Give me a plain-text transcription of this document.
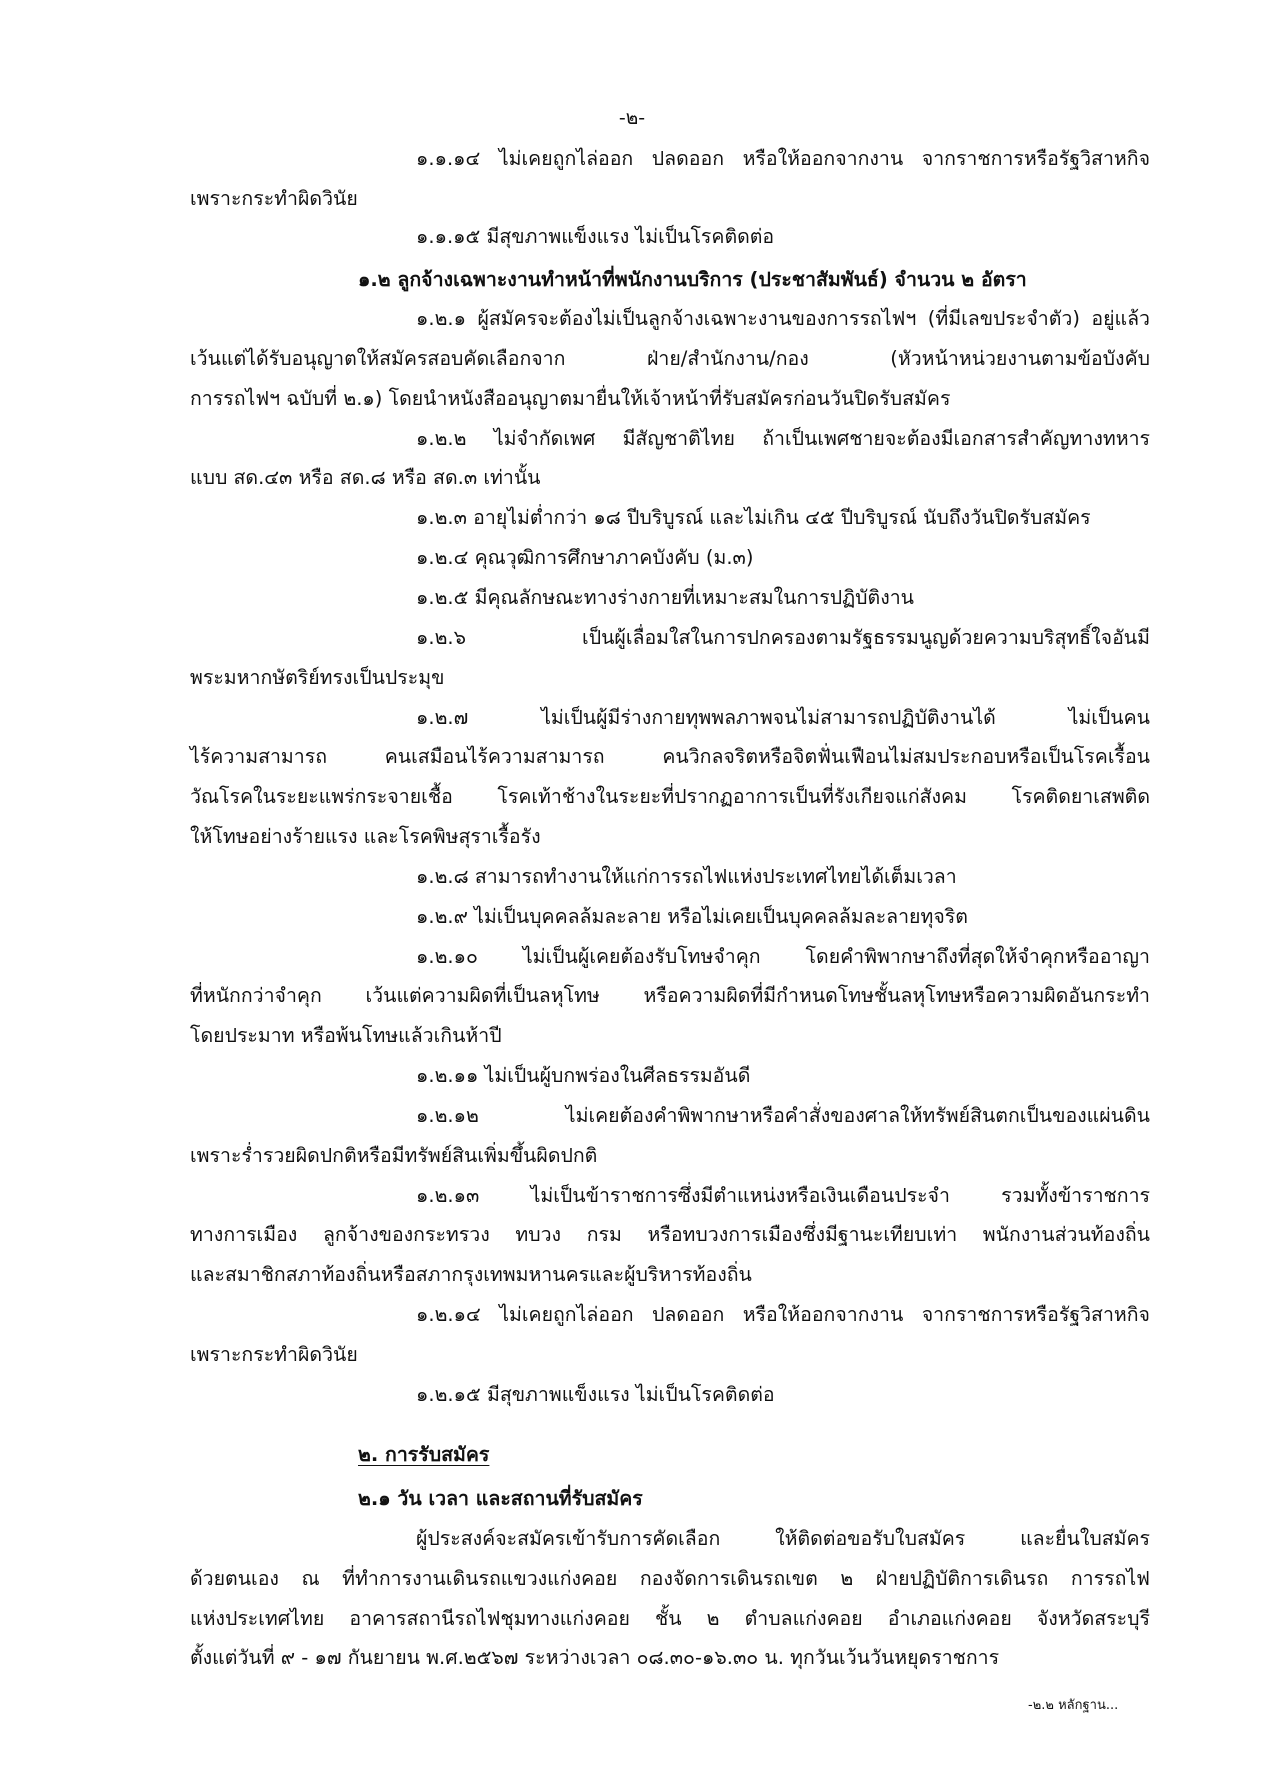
-๒-
๑.๑.๑๔ ไม่เคยถูกไล่ออก ปลดออก หรือให้ออกจากงาน จากราชการหรือรัฐวิสาหกิจ
เพราะกระทำผิดวินัย
๑.๑.๑๕ มีสุขภาพแข็งแรง ไม่เป็นโรคติดต่อ
๑.๒ ลูกจ้างเฉพาะงานทำหน้าที่พนักงานบริการ (ประชาสัมพันธ์) จำนวน ๒ อัตรา
๑.๒.๑ ผู้สมัครจะต้องไม่เป็นลูกจ้างเฉพาะงานของการรถไฟฯ (ที่มีเลขประจำตัว) อยู่แล้ว
เว้นแต่ได้รับอนุญาตให้สมัครสอบคัดเลือกจาก ฝ่าย/สำนักงาน/กอง (หัวหน้าหน่วยงานตามข้อบังคับ
การรถไฟฯ ฉบับที่ ๒.๑) โดยนำหนังสืออนุญาตมายื่นให้เจ้าหน้าที่รับสมัครก่อนวันปิดรับสมัคร
๑.๒.๒ ไม่จำกัดเพศ มีสัญชาติไทย ถ้าเป็นเพศชายจะต้องมีเอกสารสำคัญทางทหาร
แบบ สด.๔๓ หรือ สด.๘ หรือ สด.๓ เท่านั้น
๑.๒.๓ อายุไม่ต่ำกว่า ๑๘ ปีบริบูรณ์ และไม่เกิน ๔๕ ปีบริบูรณ์ นับถึงวันปิดรับสมัคร
๑.๒.๔ คุณวุฒิการศึกษาภาคบังคับ (ม.๓)
๑.๒.๕ มีคุณลักษณะทางร่างกายที่เหมาะสมในการปฏิบัติงาน
๑.๒.๖ เป็นผู้เลื่อมใสในการปกครองตามรัฐธรรมนูญด้วยความบริสุทธิ์ใจอันมี
พระมหากษัตริย์ทรงเป็นประมุข
๑.๒.๗ ไม่เป็นผู้มีร่างกายทุพพลภาพจนไม่สามารถปฏิบัติงานได้ ไม่เป็นคน
ไร้ความสามารถ คนเสมือนไร้ความสามารถ คนวิกลจริตหรือจิตฟั่นเฟือนไม่สมประกอบหรือเป็นโรคเรื้อน
วัณโรคในระยะแพร่กระจายเชื้อ โรคเท้าช้างในระยะที่ปรากฏอาการเป็นที่รังเกียจแก่สังคม โรคติดยาเสพติด
ให้โทษอย่างร้ายแรง และโรคพิษสุราเรื้อรัง
๑.๒.๘ สามารถทำงานให้แก่การรถไฟแห่งประเทศไทยได้เต็มเวลา
๑.๒.๙ ไม่เป็นบุคคลล้มละลาย หรือไม่เคยเป็นบุคคลล้มละลายทุจริต
๑.๒.๑๐ ไม่เป็นผู้เคยต้องรับโทษจำคุก โดยคำพิพากษาถึงที่สุดให้จำคุกหรืออาญา
ที่หนักกว่าจำคุก เว้นแต่ความผิดที่เป็นลหุโทษ หรือความผิดที่มีกำหนดโทษชั้นลหุโทษหรือความผิดอันกระทำ
โดยประมาท หรือพ้นโทษแล้วเกินห้าปี
๑.๒.๑๑ ไม่เป็นผู้บกพร่องในศีลธรรมอันดี
๑.๒.๑๒ ไม่เคยต้องคำพิพากษาหรือคำสั่งของศาลให้ทรัพย์สินตกเป็นของแผ่นดิน
เพราะร่ำรวยผิดปกติหรือมีทรัพย์สินเพิ่มขึ้นผิดปกติ
๑.๒.๑๓ ไม่เป็นข้าราชการซึ่งมีตำแหน่งหรือเงินเดือนประจำ รวมทั้งข้าราชการ
ทางการเมือง ลูกจ้างของกระทรวง ทบวง กรม หรือทบวงการเมืองซึ่งมีฐานะเทียบเท่า พนักงานส่วนท้องถิ่น
และสมาชิกสภาท้องถิ่นหรือสภากรุงเทพมหานครและผู้บริหารท้องถิ่น
๑.๒.๑๔ ไม่เคยถูกไล่ออก ปลดออก หรือให้ออกจากงาน จากราชการหรือรัฐวิสาหกิจ
เพราะกระทำผิดวินัย
๑.๒.๑๕ มีสุขภาพแข็งแรง ไม่เป็นโรคติดต่อ
๒. การรับสมัคร
๒.๑ วัน เวลา และสถานที่รับสมัคร
ผู้ประสงค์จะสมัครเข้ารับการคัดเลือก ให้ติดต่อขอรับใบสมัคร และยื่นใบสมัคร
ด้วยตนเอง ณ ที่ทำการงานเดินรถแขวงแก่งคอย กองจัดการเดินรถเขต ๒ ฝ่ายปฏิบัติการเดินรถ การรถไฟ
แห่งประเทศไทย อาคารสถานีรถไฟชุมทางแก่งคอย ชั้น ๒ ตำบลแก่งคอย อำเภอแก่งคอย จังหวัดสระบุรี
ตั้งแต่วันที่ ๙ - ๑๗ กันยายน พ.ศ.๒๕๖๗ ระหว่างเวลา ๐๘.๓๐-๑๖.๓๐ น. ทุกวันเว้นวันหยุดราชการ
-๒.๒ หลักฐาน...
